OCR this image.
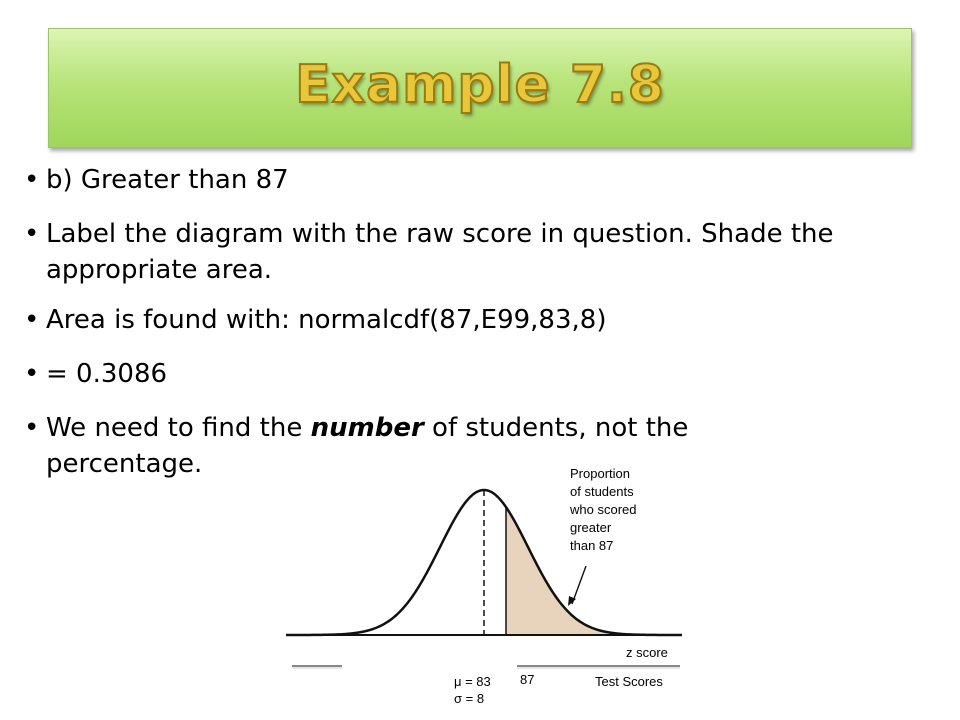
Example 7.8
• b) Greater than 87
• Label the diagram with the raw score in question. Shade the appropriate area.
• Area is found with: normalcdf(87,E99,83,8)
• = 0.3086
• We need to find the number of students, not the percentage.	Proportion
of students
who scored
greater
than 87
z score
μ = 83 87	Test Scores
σ = 8
